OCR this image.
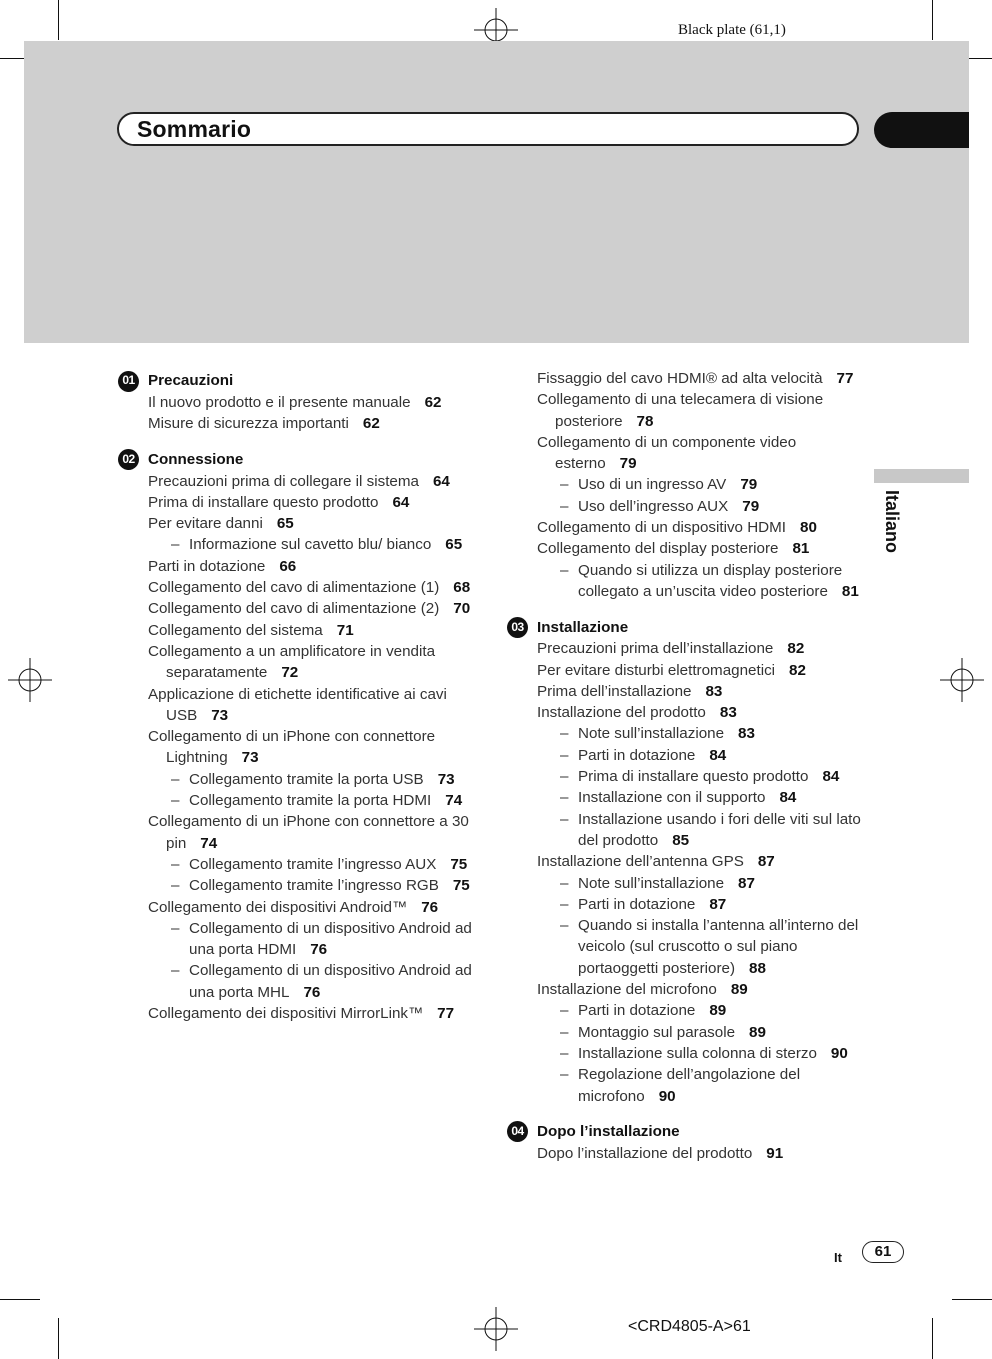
Black plate (61,1)
Sommario
Italiano
01 Precauzioni
Il nuovo prodotto e il presente manuale 62
Misure di sicurezza importanti 62
02 Connessione
Precauzioni prima di collegare il sistema 64
Prima di installare questo prodotto 64
Per evitare danni 65
– Informazione sul cavetto blu/ bianco 65
Parti in dotazione 66
Collegamento del cavo di alimentazione (1) 68
Collegamento del cavo di alimentazione (2) 70
Collegamento del sistema 71
Collegamento a un amplificatore in vendita separatamente 72
Applicazione di etichette identificative ai cavi USB 73
Collegamento di un iPhone con connettore Lightning 73
– Collegamento tramite la porta USB 73
– Collegamento tramite la porta HDMI 74
Collegamento di un iPhone con connettore a 30 pin 74
– Collegamento tramite l’ingresso AUX 75
– Collegamento tramite l’ingresso RGB 75
Collegamento dei dispositivi Android™ 76
– Collegamento di un dispositivo Android ad una porta HDMI 76
– Collegamento di un dispositivo Android ad una porta MHL 76
Collegamento dei dispositivi MirrorLink™ 77
Fissaggio del cavo HDMI® ad alta velocità 77
Collegamento di una telecamera di visione posteriore 78
Collegamento di un componente video esterno 79
– Uso di un ingresso AV 79
– Uso dell’ingresso AUX 79
Collegamento di un dispositivo HDMI 80
Collegamento del display posteriore 81
– Quando si utilizza un display posteriore collegato a un’uscita video posteriore 81
03 Installazione
Precauzioni prima dell’installazione 82
Per evitare disturbi elettromagnetici 82
Prima dell’installazione 83
Installazione del prodotto 83
– Note sull’installazione 83
– Parti in dotazione 84
– Prima di installare questo prodotto 84
– Installazione con il supporto 84
– Installazione usando i fori delle viti sul lato del prodotto 85
Installazione dell’antenna GPS 87
– Note sull’installazione 87
– Parti in dotazione 87
– Quando si installa l’antenna all’interno del veicolo (sul cruscotto o sul piano portaoggetti posteriore) 88
Installazione del microfono 89
– Parti in dotazione 89
– Montaggio sul parasole 89
– Installazione sulla colonna di sterzo 90
– Regolazione dell’angolazione del microfono 90
04 Dopo l’installazione
Dopo l’installazione del prodotto 91
It	61
<CRD4805-A>61
